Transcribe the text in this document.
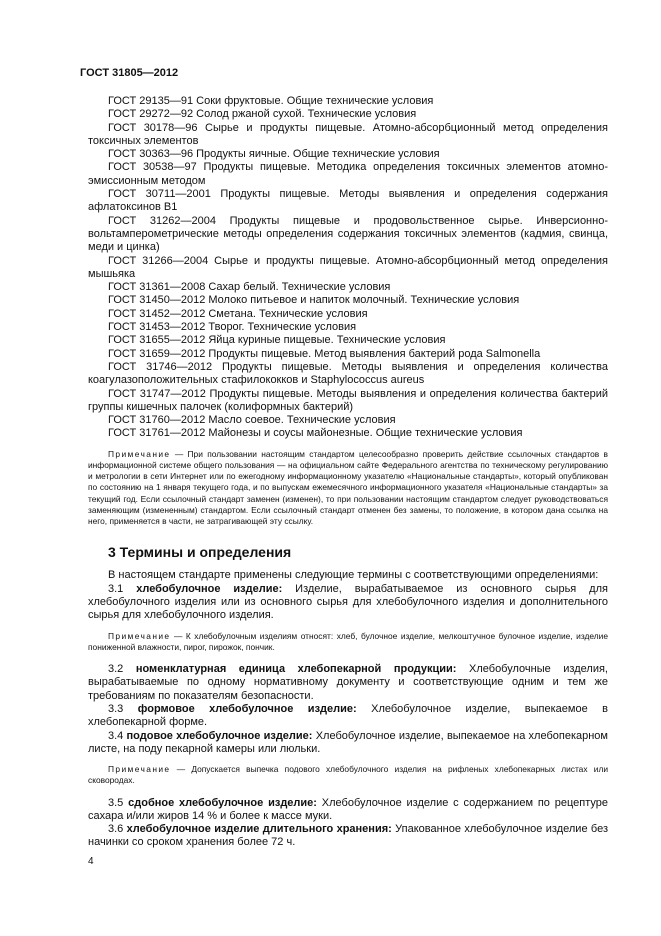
ГОСТ 31805—2012

ГОСТ 29135—91 Соки фруктовые. Общие технические условия

ГОСТ 29272—92 Солод ржаной сухой. Технические условия

ГОСТ 30178—96 Сырье и продукты пищевые. Атомно-абсорбционный метод определения токсичных элементов

ГОСТ 30363—96 Продукты яичные. Общие технические условия

ГОСТ 30538—97 Продукты пищевые. Методика определения токсичных элементов атомно-эмиссионным методом

ГОСТ 30711—2001 Продукты пищевые. Методы выявления и определения содержания афлатоксинов B1

ГОСТ 31262—2004 Продукты пищевые и продовольственное сырье. Инверсионно-вольтамперометрические методы определения содержания токсичных элементов (кадмия, свинца, меди и цинка)

ГОСТ 31266—2004 Сырье и продукты пищевые. Атомно-абсорбционный метод определения мышьяка

ГОСТ 31361—2008 Сахар белый. Технические условия

ГОСТ 31450—2012 Молоко питьевое и напиток молочный. Технические условия

ГОСТ 31452—2012 Сметана. Технические условия

ГОСТ 31453—2012 Творог. Технические условия

ГОСТ 31655—2012 Яйца куриные пищевые. Технические условия

ГОСТ 31659—2012 Продукты пищевые. Метод выявления бактерий рода Salmonella

ГОСТ 31746—2012 Продукты пищевые. Методы выявления и определения количества коагулазоположительных стафилококков и Staphylococcus aureus

ГОСТ 31747—2012 Продукты пищевые. Методы выявления и определения количества бактерий группы кишечных палочек (колиформных бактерий)

ГОСТ 31760—2012 Масло соевое. Технические условия

ГОСТ 31761—2012 Майонезы и соусы майонезные. Общие технические условия

Примечание — При пользовании настоящим стандартом целесообразно проверить действие ссылочных стандартов в информационной системе общего пользования — на официальном сайте Федерального агентства по техническому регулированию и метрологии в сети Интернет или по ежегодному информационному указателю «Национальные стандарты», который опубликован по состоянию на 1 января текущего года, и по выпускам ежемесячного информационного указателя «Национальные стандарты» за текущий год. Если ссылочный стандарт заменен (изменен), то при пользовании настоящим стандартом следует руководствоваться заменяющим (измененным) стандартом. Если ссылочный стандарт отменен без замены, то положение, в котором дана ссылка на него, применяется в части, не затрагивающей эту ссылку.

3 Термины и определения

В настоящем стандарте применены следующие термины с соответствующими определениями:

3.1 хлебобулочное изделие: Изделие, вырабатываемое из основного сырья для хлебобулочного изделия или из основного сырья для хлебобулочного изделия и дополнительного сырья для хлебобулочного изделия.

Примечание — К хлебобулочным изделиям относят: хлеб, булочное изделие, мелкоштучное булочное изделие, изделие пониженной влажности, пирог, пирожок, пончик.

3.2 номенклатурная единица хлебопекарной продукции: Хлебобулочные изделия, вырабатываемые по одному нормативному документу и соответствующие одним и тем же требованиям по показателям безопасности.

3.3 формовое хлебобулочное изделие: Хлебобулочное изделие, выпекаемое в хлебопекарной форме.

3.4 подовое хлебобулочное изделие: Хлебобулочное изделие, выпекаемое на хлебопекарном листе, на поду пекарной камеры или люльки.

Примечание — Допускается выпечка подового хлебобулочного изделия на рифленых хлебопекарных листах или сковородах.

3.5 сдобное хлебобулочное изделие: Хлебобулочное изделие с содержанием по рецептуре сахара и/или жиров 14 % и более к массе муки.

3.6 хлебобулочное изделие длительного хранения: Упакованное хлебобулочное изделие без начинки со сроком хранения более 72 ч.

4
